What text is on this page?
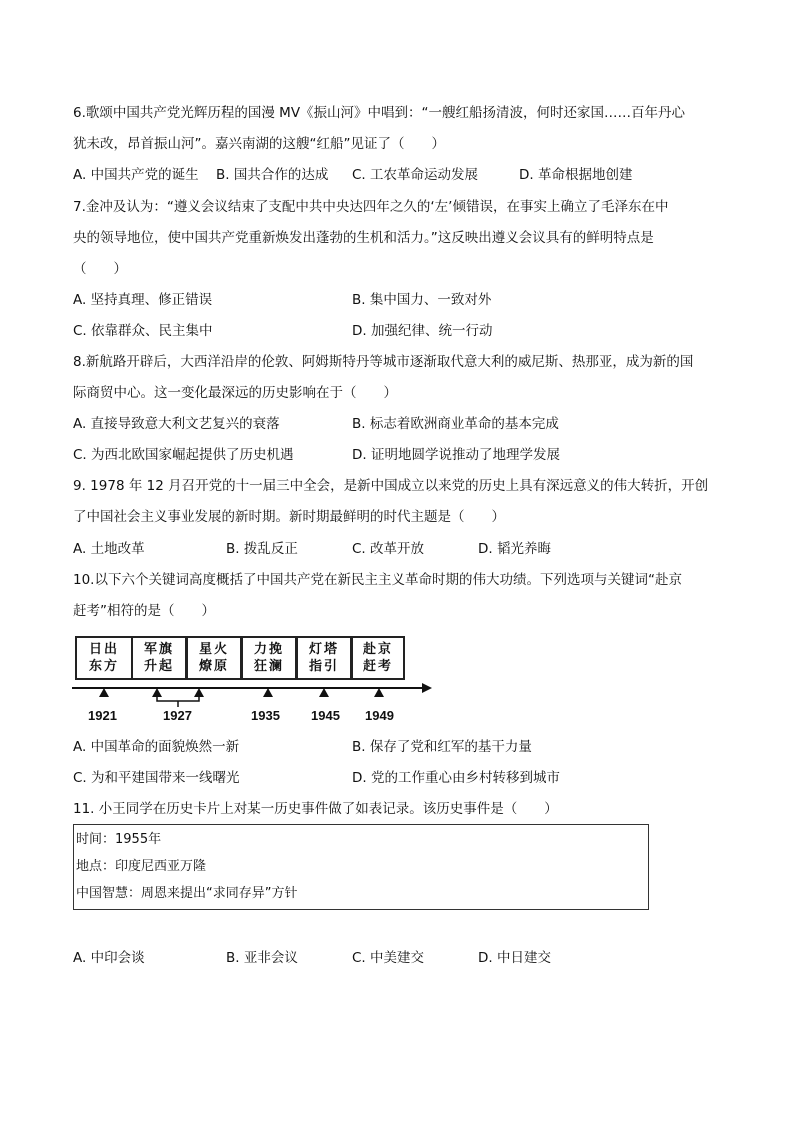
6.歌颂中国共产党光辉历程的国漫 MV《振山河》中唱到：“一艘红船扬清波，何时还家国……百年丹心
犹未改，昂首振山河”。嘉兴南湖的这艘“红船”见证了（　　）
A. 中国共产党的诞生 B. 国共合作的达成 C. 工农革命运动发展	D. 革命根据地创建
7.金冲及认为：“遵义会议结束了支配中共中央达四年之久的‘左’倾错误，在事实上确立了毛泽东在中
央的领导地位，使中国共产党重新焕发出蓬勃的生机和活力。”这反映出遵义会议具有的鲜明特点是
（　　）
A. 坚持真理、修正错误	B. 集中国力、一致对外
C. 依靠群众、民主集中	D. 加强纪律、统一行动
8.新航路开辟后，大西洋沿岸的伦敦、阿姆斯特丹等城市逐渐取代意大利的威尼斯、热那亚，成为新的国
际商贸中心。这一变化最深远的历史影响在于（　　）
A. 直接导致意大利文艺复兴的衰落	B. 标志着欧洲商业革命的基本完成
C. 为西北欧国家崛起提供了历史机遇	D. 证明地圆学说推动了地理学发展
9. 1978 年 12 月召开党的十一届三中全会，是新中国成立以来党的历史上具有深远意义的伟大转折，开创
了中国社会主义事业发展的新时期。新时期最鲜明的时代主题是（　　）
A. 土地改革	B. 拨乱反正	C. 改革开放	D. 韬光养晦
10.以下六个关键词高度概括了中国共产党在新民主主义革命时期的伟大功绩。下列选项与关键词“赴京
赶考”相符的是（　　）
日出
东方
军旗
升起
星火
燎原
力挽
狂澜
灯塔
指引
赴京
赶考
1921	1927	1935 1945 1949
A. 中国革命的面貌焕然一新	B. 保存了党和红军的基干力量
C. 为和平建国带来一线曙光	D. 党的工作重心由乡村转移到城市
11. 小王同学在历史卡片上对某一历史事件做了如表记录。该历史事件是（　　）
时间：1955年
地点：印度尼西亚万隆
中国智慧：周恩来提出“求同存异”方针
A. 中印会谈	B. 亚非会议	C. 中美建交	D. 中日建交
